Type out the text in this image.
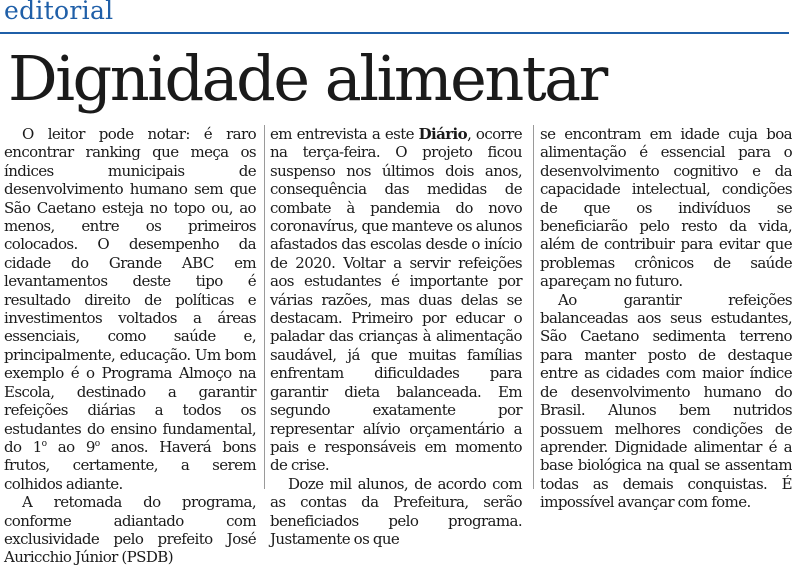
editorial
Dignidade alimentar

O leitor pode notar: é raro encontrar ranking que meça os índices municipais de desenvolvimento humano sem que São Caetano esteja no topo ou, ao menos, entre os primeiros colocados. O desempenho da cidade do Grande ABC em levantamentos deste tipo é resultado direito de políticas e investimentos voltados a áreas essenciais, como saúde e, principalmente, educação. Um bom exemplo é o Programa Almoço na Escola, destinado a garantir refeições diárias a todos os estudantes do ensino fundamental, do 1$^o$ ao 9$^o$ anos. Haverá bons frutos, certamente, a serem colhidos adiante.

A retomada do programa, conforme adiantado com exclusividade pelo prefeito José Auricchio Júnior (PSDB)

em entrevista a este Diário, ocorre na terça-feira. O projeto ficou suspenso nos últimos dois anos, consequência das medidas de combate à pandemia do novo coronavírus, que manteve os alunos afastados das escolas desde o início de 2020. Voltar a servir refeições aos estudantes é importante por várias razões, mas duas delas se destacam. Primeiro por educar o paladar das crianças à alimentação saudável, já que muitas famílias enfrentam dificuldades para garantir dieta balanceada. Em segundo exatamente por representar alívio orçamentário a pais e responsáveis em momento de crise.

Doze mil alunos, de acordo com as contas da Prefeitura, serão beneficiados pelo programa. Justamente os que

se encontram em idade cuja boa alimentação é essencial para o desenvolvimento cognitivo e da capacidade intelectual, condições de que os indivíduos se beneficiarão pelo resto da vida, além de contribuir para evitar que problemas crônicos de saúde apareçam no futuro.

Ao garantir refeições balanceadas aos seus estudantes, São Caetano sedimenta terreno para manter posto de destaque entre as cidades com maior índice de desenvolvimento humano do Brasil. Alunos bem nutridos possuem melhores condições de aprender. Dignidade alimentar é a base biológica na qual se assentam todas as demais conquistas. É impossível avançar com fome.
